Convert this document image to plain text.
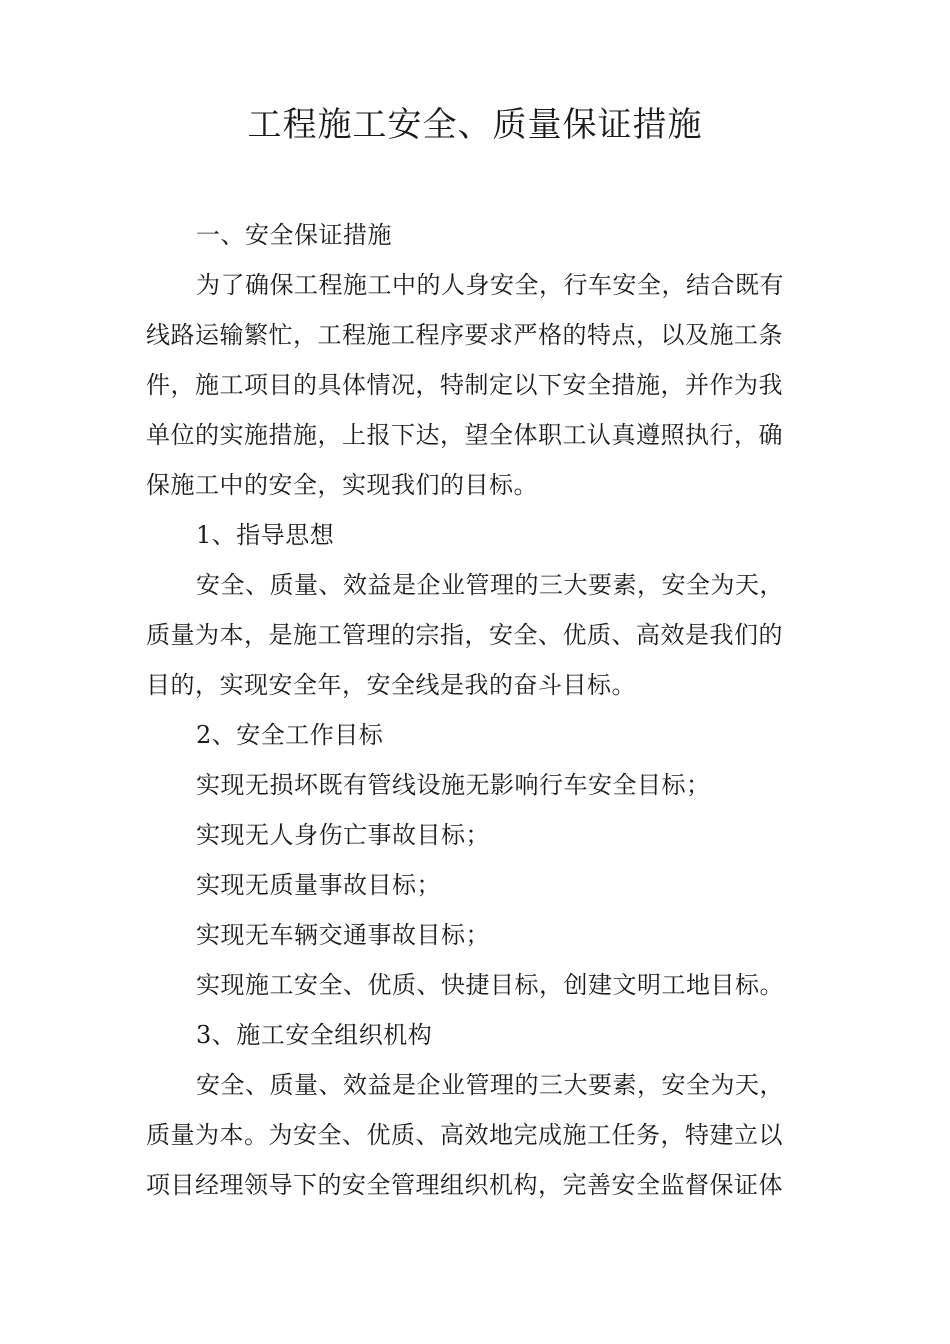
工程施工安全、质量保证措施
一、安全保证措施
为了确保工程施工中的人身安全，行车安全，结合既有
线路运输繁忙，工程施工程序要求严格的特点，以及施工条
件，施工项目的具体情况，特制定以下安全措施，并作为我
单位的实施措施，上报下达，望全体职工认真遵照执行，确
保施工中的安全，实现我们的目标。
1、指导思想
安全、质量、效益是企业管理的三大要素，安全为天，
质量为本，是施工管理的宗指，安全、优质、高效是我们的
目的，实现安全年，安全线是我的奋斗目标。
2、安全工作目标
实现无损坏既有管线设施无影响行车安全目标；
实现无人身伤亡事故目标；
实现无质量事故目标；
实现无车辆交通事故目标；
实现施工安全、优质、快捷目标，创建文明工地目标。
3、施工安全组织机构
安全、质量、效益是企业管理的三大要素，安全为天，
质量为本。为安全、优质、高效地完成施工任务，特建立以
项目经理领导下的安全管理组织机构，完善安全监督保证体
